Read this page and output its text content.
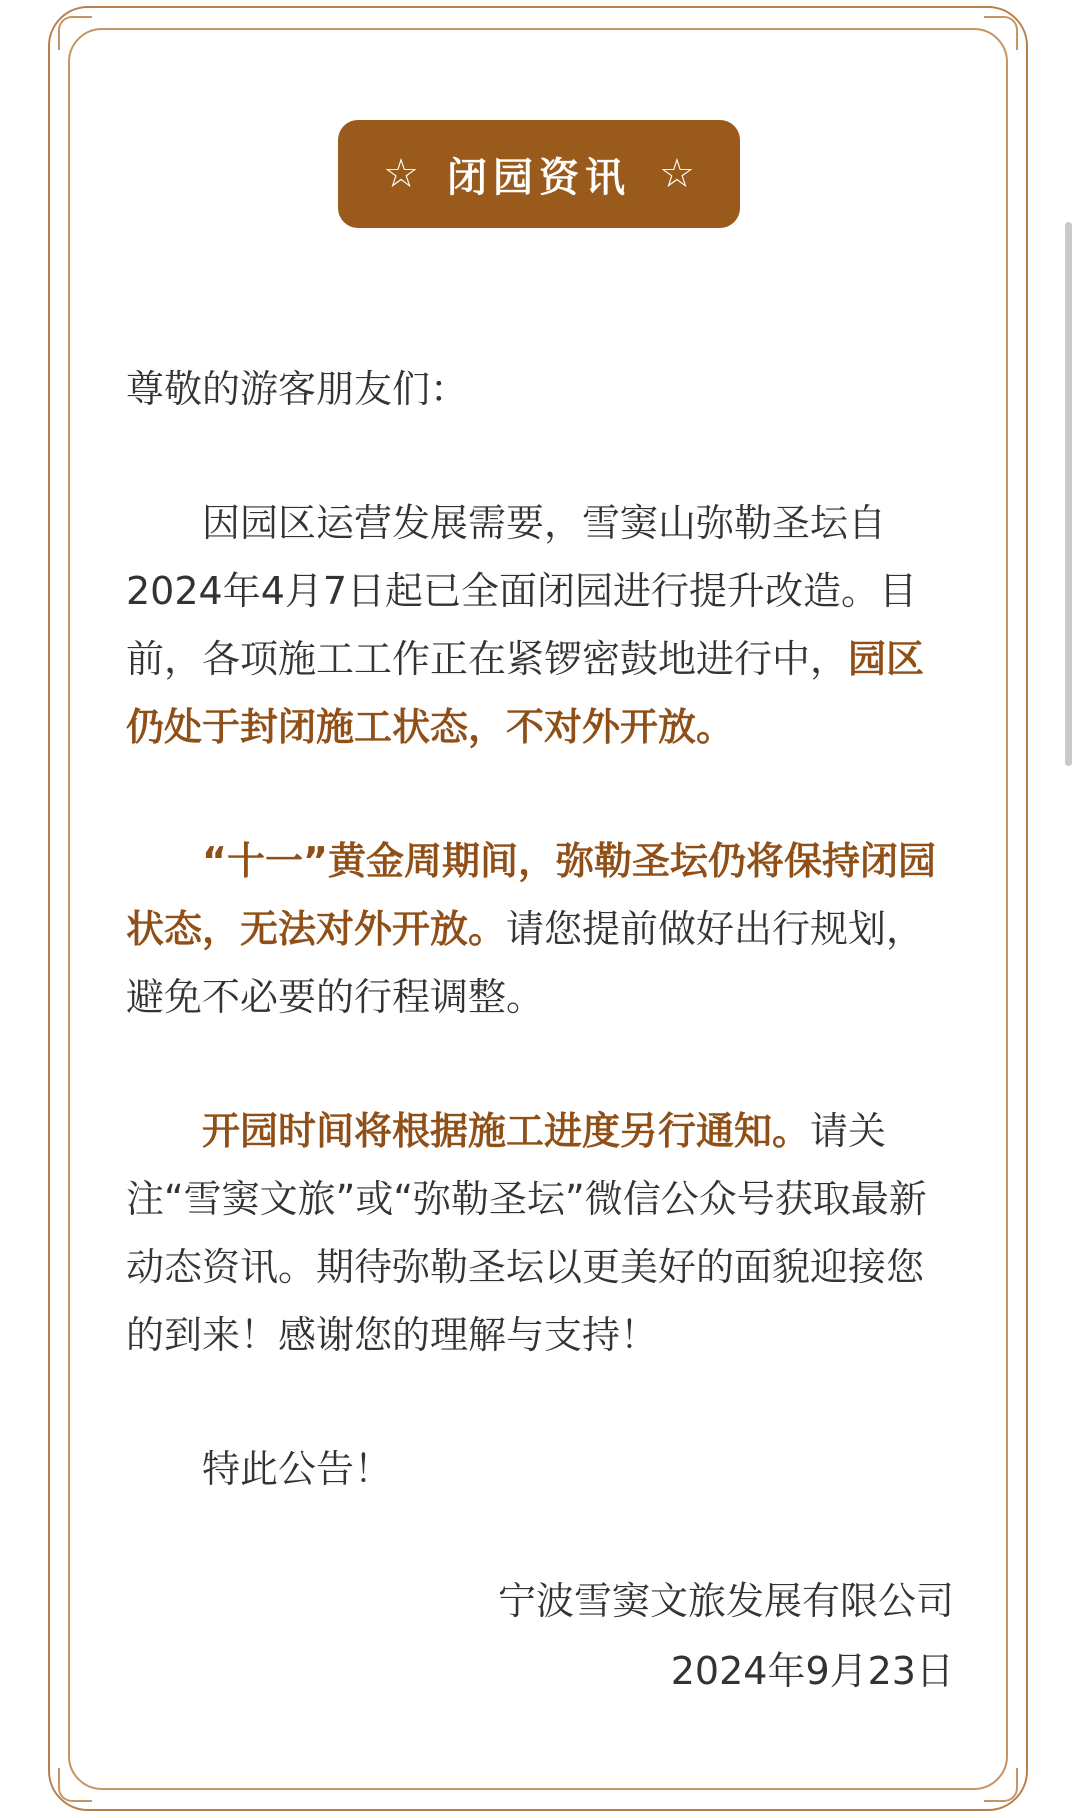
☆ 闭园资讯 ☆

尊敬的游客朋友们：

因园区运营发展需要，雪窦山弥勒圣坛自2024年4月7日起已全面闭园进行提升改造。目前，各项施工工作正在紧锣密鼓地进行中，园区仍处于封闭施工状态，不对外开放。

“十一”黄金周期间，弥勒圣坛仍将保持闭园状态，无法对外开放。请您提前做好出行规划，避免不必要的行程调整。

开园时间将根据施工进度另行通知。请关注“雪窦文旅”或“弥勒圣坛”微信公众号获取最新动态资讯。期待弥勒圣坛以更美好的面貌迎接您的到来！感谢您的理解与支持！

特此公告！

宁波雪窦文旅发展有限公司
2024年9月23日
